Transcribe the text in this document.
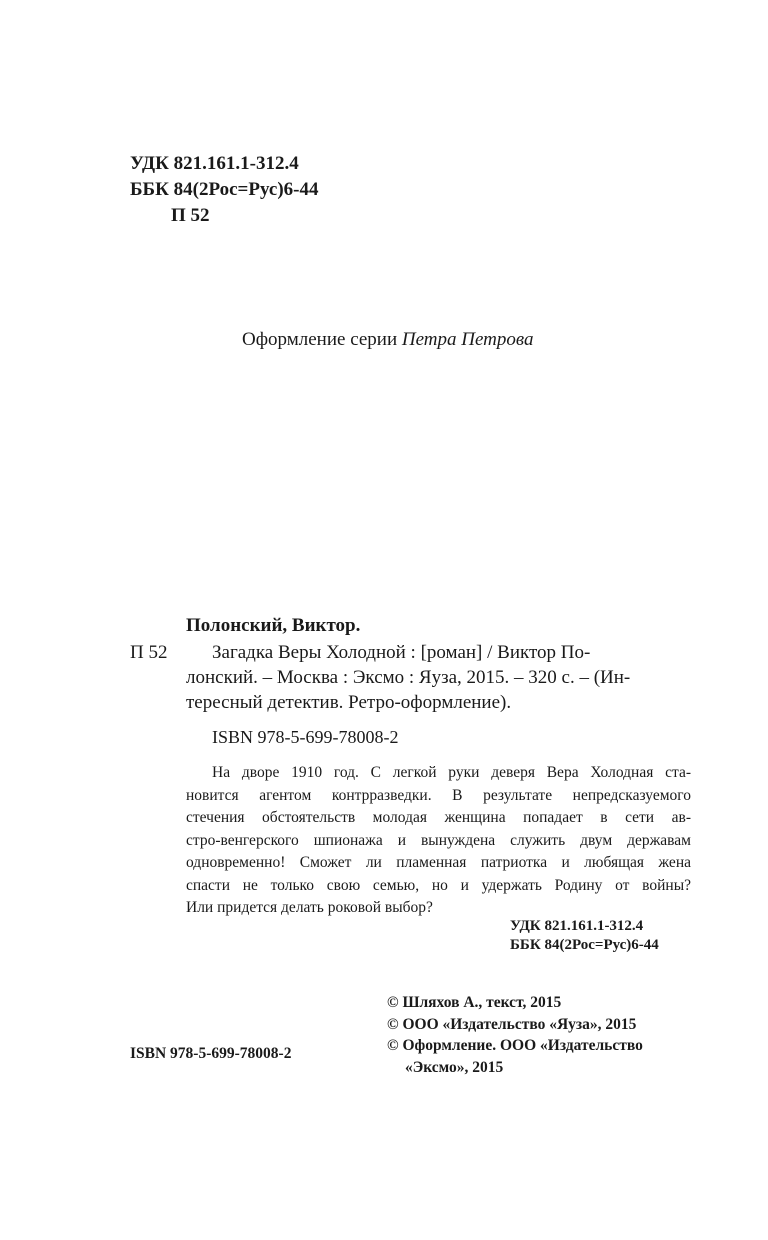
УДК 821.161.1-312.4
ББК 84(2Рос=Рус)6-44
П 52
Оформление серии Петра Петрова
Полонский, Виктор.
П 52 Загадка Веры Холодной : [роман] / Виктор По-
лонский. – Москва : Эксмо : Яуза, 2015. – 320 с. – (Ин-
тересный детектив. Ретро-оформление).
ISBN 978-5-699-78008-2
На дворе 1910 год. С легкой руки деверя Вера Холодная ста-
новится агентом контрразведки. В результате непредсказуемого
стечения обстоятельств молодая женщина попадает в сети ав-
стро-венгерского шпионажа и вынуждена служить двум державам
одновременно! Сможет ли пламенная патриотка и любящая жена
спасти не только свою семью, но и удержать Родину от войны?
Или придется делать роковой выбор?
УДК 821.161.1-312.4
ББК 84(2Рос=Рус)6-44
© Шляхов А., текст, 2015
© ООО «Издательство «Яуза», 2015
© Оформление. ООО «Издательство
«Эксмо», 2015
ISBN 978-5-699-78008-2
